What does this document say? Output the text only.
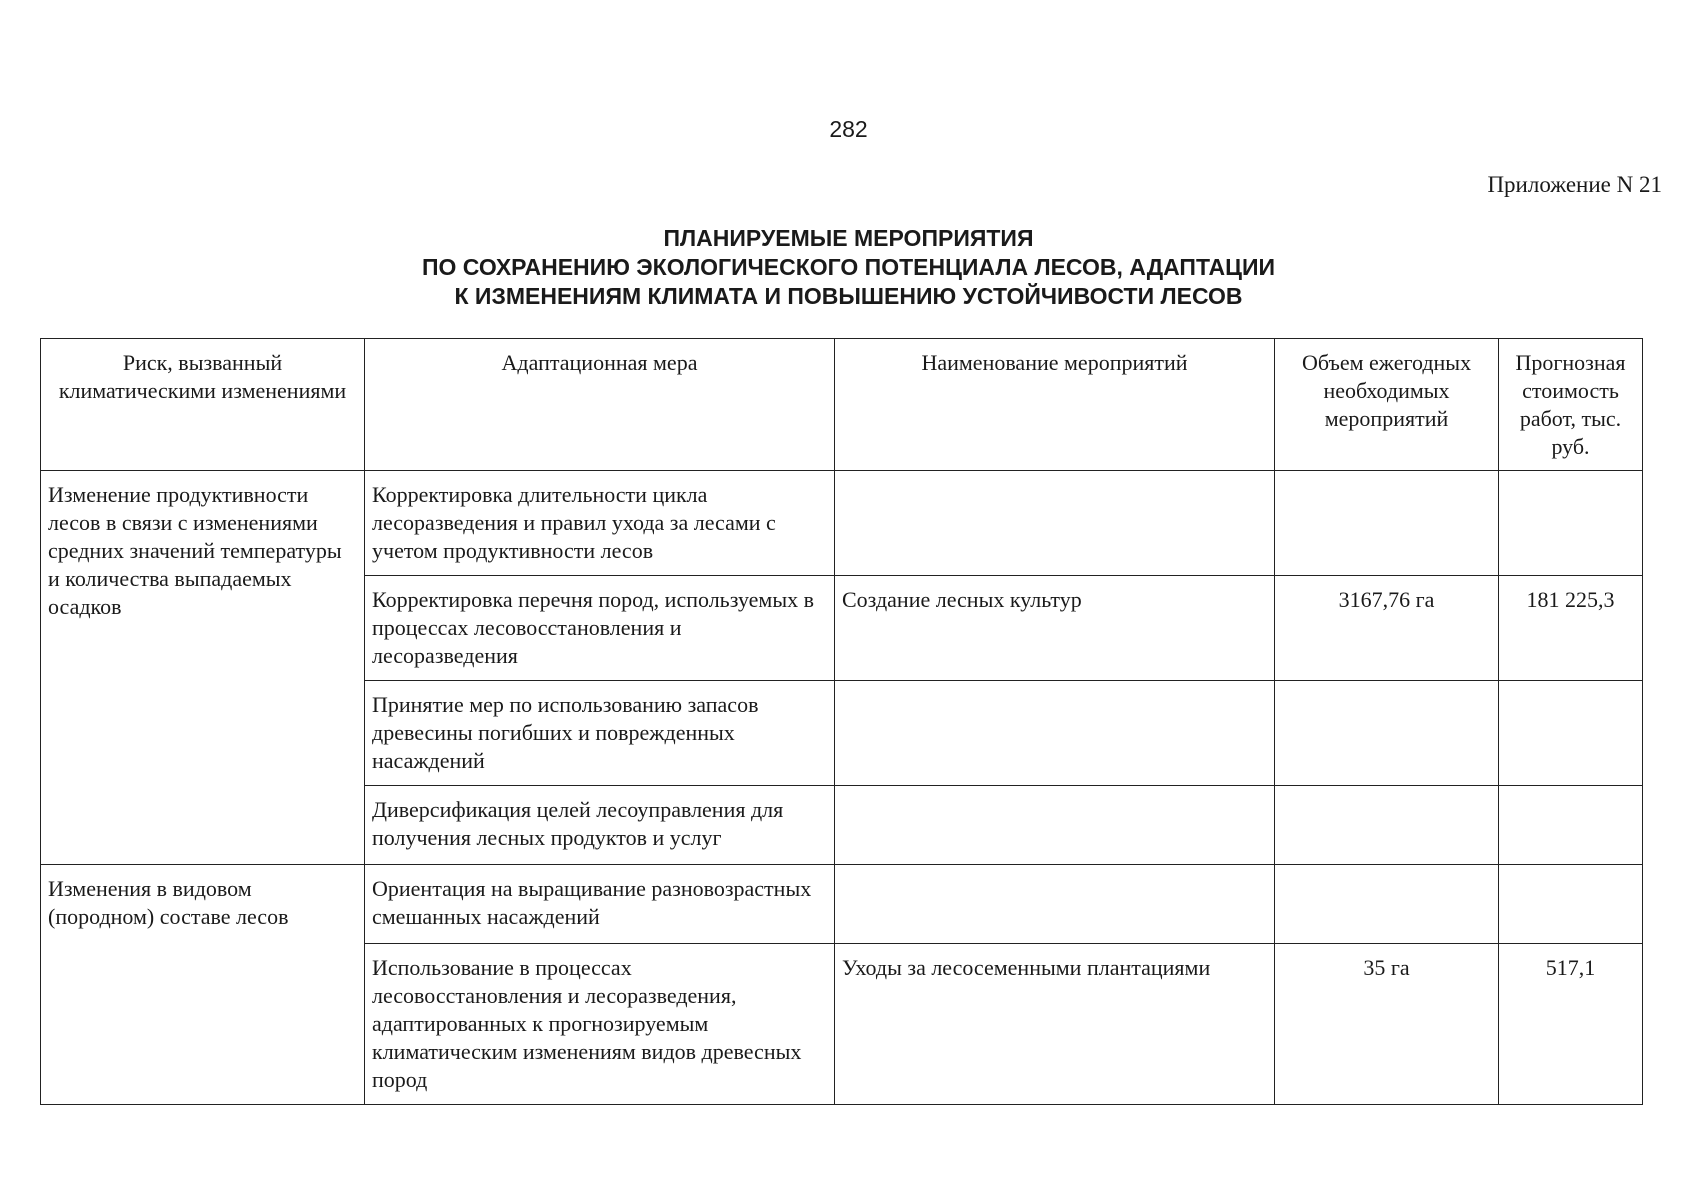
282
Приложение N 21
ПЛАНИРУЕМЫЕ МЕРОПРИЯТИЯ
ПО СОХРАНЕНИЮ ЭКОЛОГИЧЕСКОГО ПОТЕНЦИАЛА ЛЕСОВ, АДАПТАЦИИ
К ИЗМЕНЕНИЯМ КЛИМАТА И ПОВЫШЕНИЮ УСТОЙЧИВОСТИ ЛЕСОВ
Риск, вызванный климатическими изменениями	Адаптационная мера	Наименование мероприятий	Объем ежегодных необходимых мероприятий	Прогнозная стоимость работ, тыс. руб.
Изменение продуктивности лесов в связи с изменениями средних значений температуры и количества выпадаемых осадков	Корректировка длительности цикла лесоразведения и правил ухода за лесами с учетом продуктивности лесов			
	Корректировка перечня пород, используемых в процессах лесовосстановления и лесоразведения	Создание лесных культур	3167,76 га	181 225,3
	Принятие мер по использованию запасов древесины погибших и поврежденных насаждений			
	Диверсификация целей лесоуправления для получения лесных продуктов и услуг			
Изменения в видовом (породном) составе лесов	Ориентация на выращивание разновозрастных смешанных насаждений			
	Использование в процессах лесовосстановления и лесоразведения, адаптированных к прогнозируемым климатическим изменениям видов древесных пород	Уходы за лесосеменными плантациями	35 га	517,1
